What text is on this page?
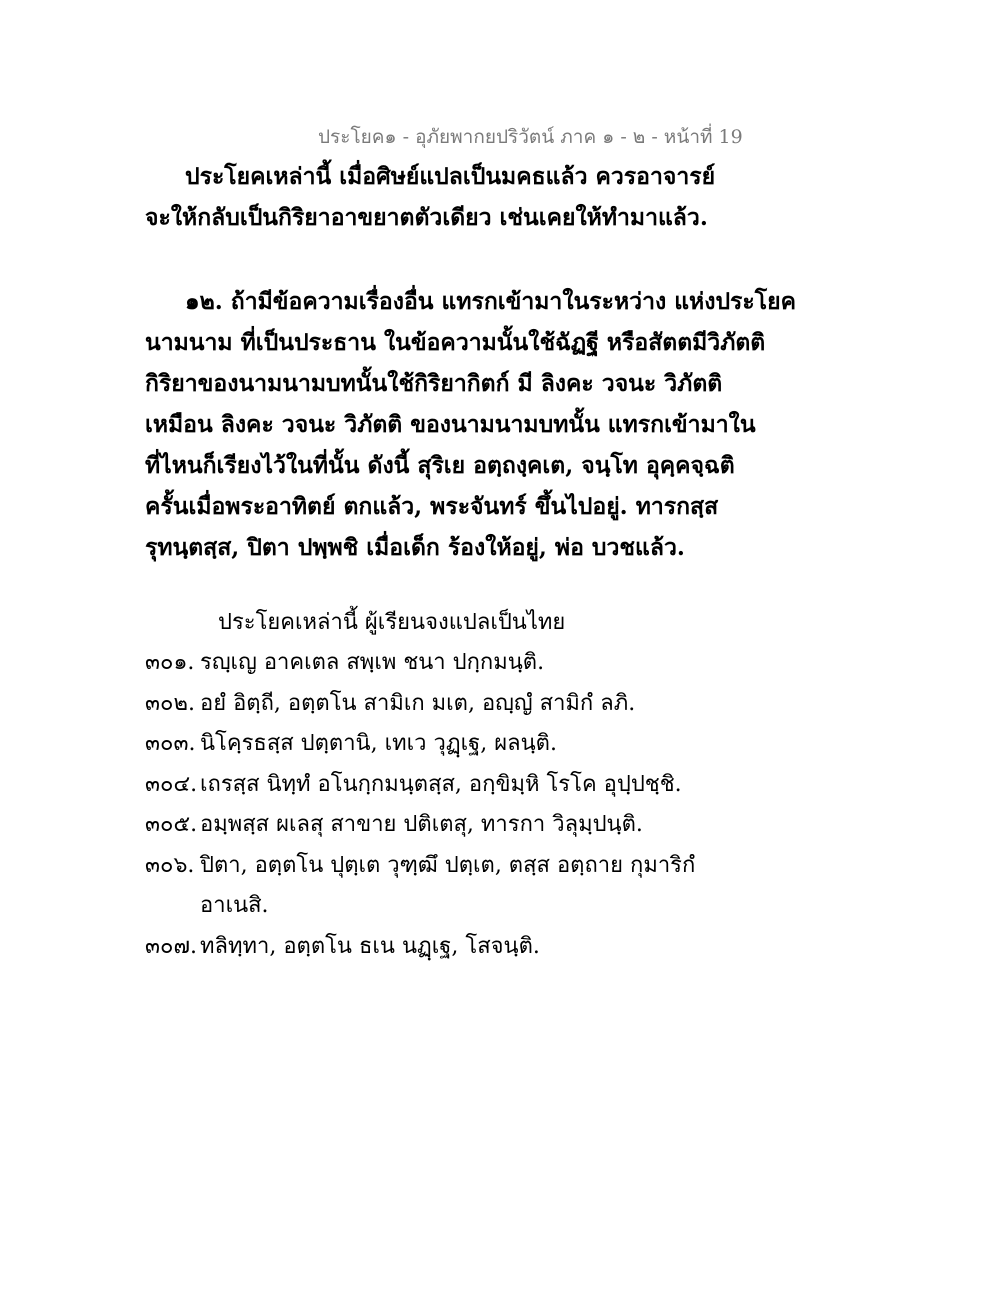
ประโยค๑ - อุภัยพากยปริวัตน์ ภาค ๑ - ๒ - หน้าที่ 19
ประโยคเหล่านี้ เมื่อศิษย์แปลเป็นมคธแล้ว ควรอาจารย์
จะให้กลับเป็นกิริยาอาขยาตตัวเดียว เช่นเคยให้ทำมาแล้ว.
๑๒. ถ้ามีข้อความเรื่องอื่น แทรกเข้ามาในระหว่าง แห่งประโยค
นามนาม ที่เป็นประธาน ในข้อความนั้นใช้ฉัฏฐี หรือสัตตมีวิภัตติ
กิริยาของนามนามบทนั้นใช้กิริยากิตก์ มี ลิงคะ วจนะ วิภัตติ
เหมือน ลิงคะ วจนะ วิภัตติ ของนามนามบทนั้น แทรกเข้ามาใน
ที่ไหนก็เรียงไว้ในที่นั้น ดังนี้ สุริเย อตฺถงฺคเต, จนฺโท อุคฺคจฺฉติ
ครั้นเมื่อพระอาทิตย์ ตกแล้ว, พระจันทร์ ขึ้นไปอยู่. ทารกสฺส
รุทนฺตสฺส, ปิตา ปพฺพชิ เมื่อเด็ก ร้องให้อยู่, พ่อ บวชแล้ว.
ประโยคเหล่านี้ ผู้เรียนจงแปลเป็นไทย
๓๐๑. รญฺเญ อาคเตล สพฺเพ ชนา ปกฺกมนฺติ.
๓๐๒. อยํ อิตฺถี, อตฺตโน สามิเก มเต, อญฺญํ สามิกํ ลภิ.
๓๐๓. นิโคฺรธสฺส ปตฺตานิ, เทเว วุฏฺเฐ, ผลนฺติ.
๓๐๔. เถรสฺส นิทฺทํ อโนกฺกมนฺตสฺส, อกฺขิมฺหิ โรโค อุปฺปชฺชิ.
๓๐๕. อมฺพสฺส ผเลสุ สาขาย ปติเตสุ, ทารกา วิลุมฺปนฺติ.
๓๐๖. ปิตา, อตฺตโน ปุตฺเต วุฑฺฒึ ปตฺเต, ตสฺส อตฺถาย กุมาริกํ
อาเนสิ.
๓๐๗. ทลิทฺทา, อตฺตโน ธเน นฏฺเฐ, โสจนฺติ.
